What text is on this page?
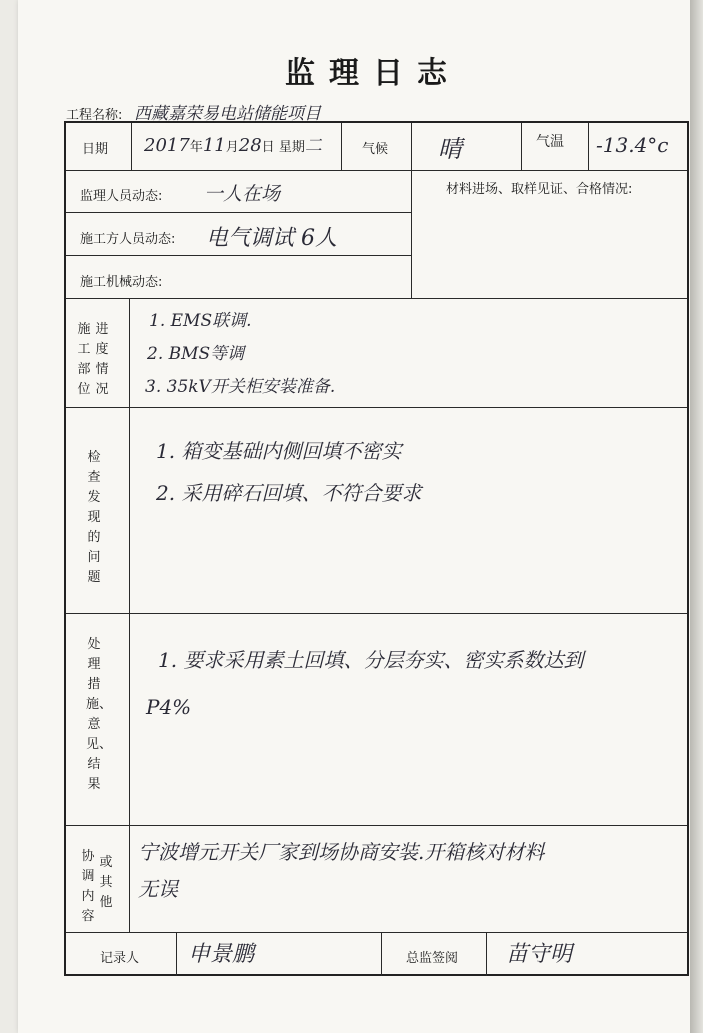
监理日志
工程名称: 西藏嘉荣易电站储能项目
日期 2017年11月28日 星期二	气候 晴	气温 -13.4°c
监理人员动态: 一人在场
施工方人员动态: 电气调试 6人
施工机械动态:
材料进场、取样见证、合格情况:
施工部位
进度情况
1. EMS联调.
2. BMS等调
3. 35kV开关柜安装准备.
检查发现的问题
1. 箱变基础内侧回填不密实
2. 采用碎石回填、不符合要求
处理措施、意见、结果
1. 要求采用素土回填、分层夯实、密实系数达到
P4%
协调内容
或其他
宁波增元开关厂家到场协商安装.开箱核对材料
无误
记录人 申景鹏	总监签阅 苗守明
